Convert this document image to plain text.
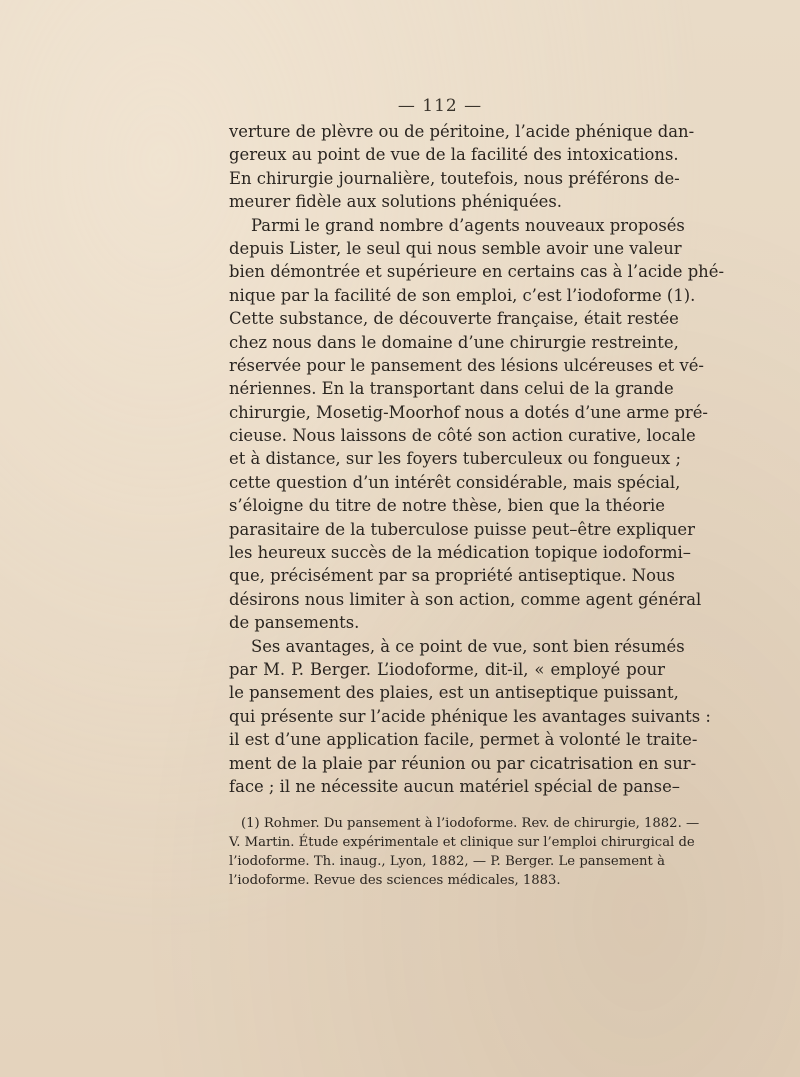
— 112 —
verture de plèvre ou de péritoine, l’acide phénique dan-
gereux au point de vue de la facilité des intoxications.
En chirurgie journalière, toutefois, nous préférons de-
meurer fidèle aux solutions phéniquées.
Parmi le grand nombre d’agents nouveaux proposés
depuis Lister, le seul qui nous semble avoir une valeur
bien démontrée et supérieure en certains cas à l’acide phé-
nique par la facilité de son emploi, c’est l’iodoforme (1).
Cette substance, de découverte française, était restée
chez nous dans le domaine d’une chirurgie restreinte,
réservée pour le pansement des lésions ulcéreuses et vé-
nériennes. En la transportant dans celui de la grande
chirurgie, Mosetig-Moorhof nous a dotés d’une arme pré-
cieuse. Nous laissons de côté son action curative, locale
et à distance, sur les foyers tuberculeux ou fongueux ;
cette question d’un intérêt considérable, mais spécial,
s’éloigne du titre de notre thèse, bien que la théorie
parasitaire de la tuberculose puisse peut–être expliquer
les heureux succès de la médication topique iodoformi–
que, précisément par sa propriété antiseptique. Nous
désirons nous limiter à son action, comme agent général
de pansements.
Ses avantages, à ce point de vue, sont bien résumés
par M. P. Berger. L’iodoforme, dit-il, « employé pour
le pansement des plaies, est un antiseptique puissant,
qui présente sur l’acide phénique les avantages suivants :
il est d’une application facile, permet à volonté le traite-
ment de la plaie par réunion ou par cicatrisation en sur-
face ; il ne nécessite aucun matériel spécial de panse–
(1) Rohmer. Du pansement à l’iodoforme. Rev. de chirurgie, 1882. —
V. Martin. Étude expérimentale et clinique sur l’emploi chirurgical de
l’iodoforme. Th. inaug., Lyon, 1882, — P. Berger. Le pansement à
l’iodoforme. Revue des sciences médicales, 1883.
